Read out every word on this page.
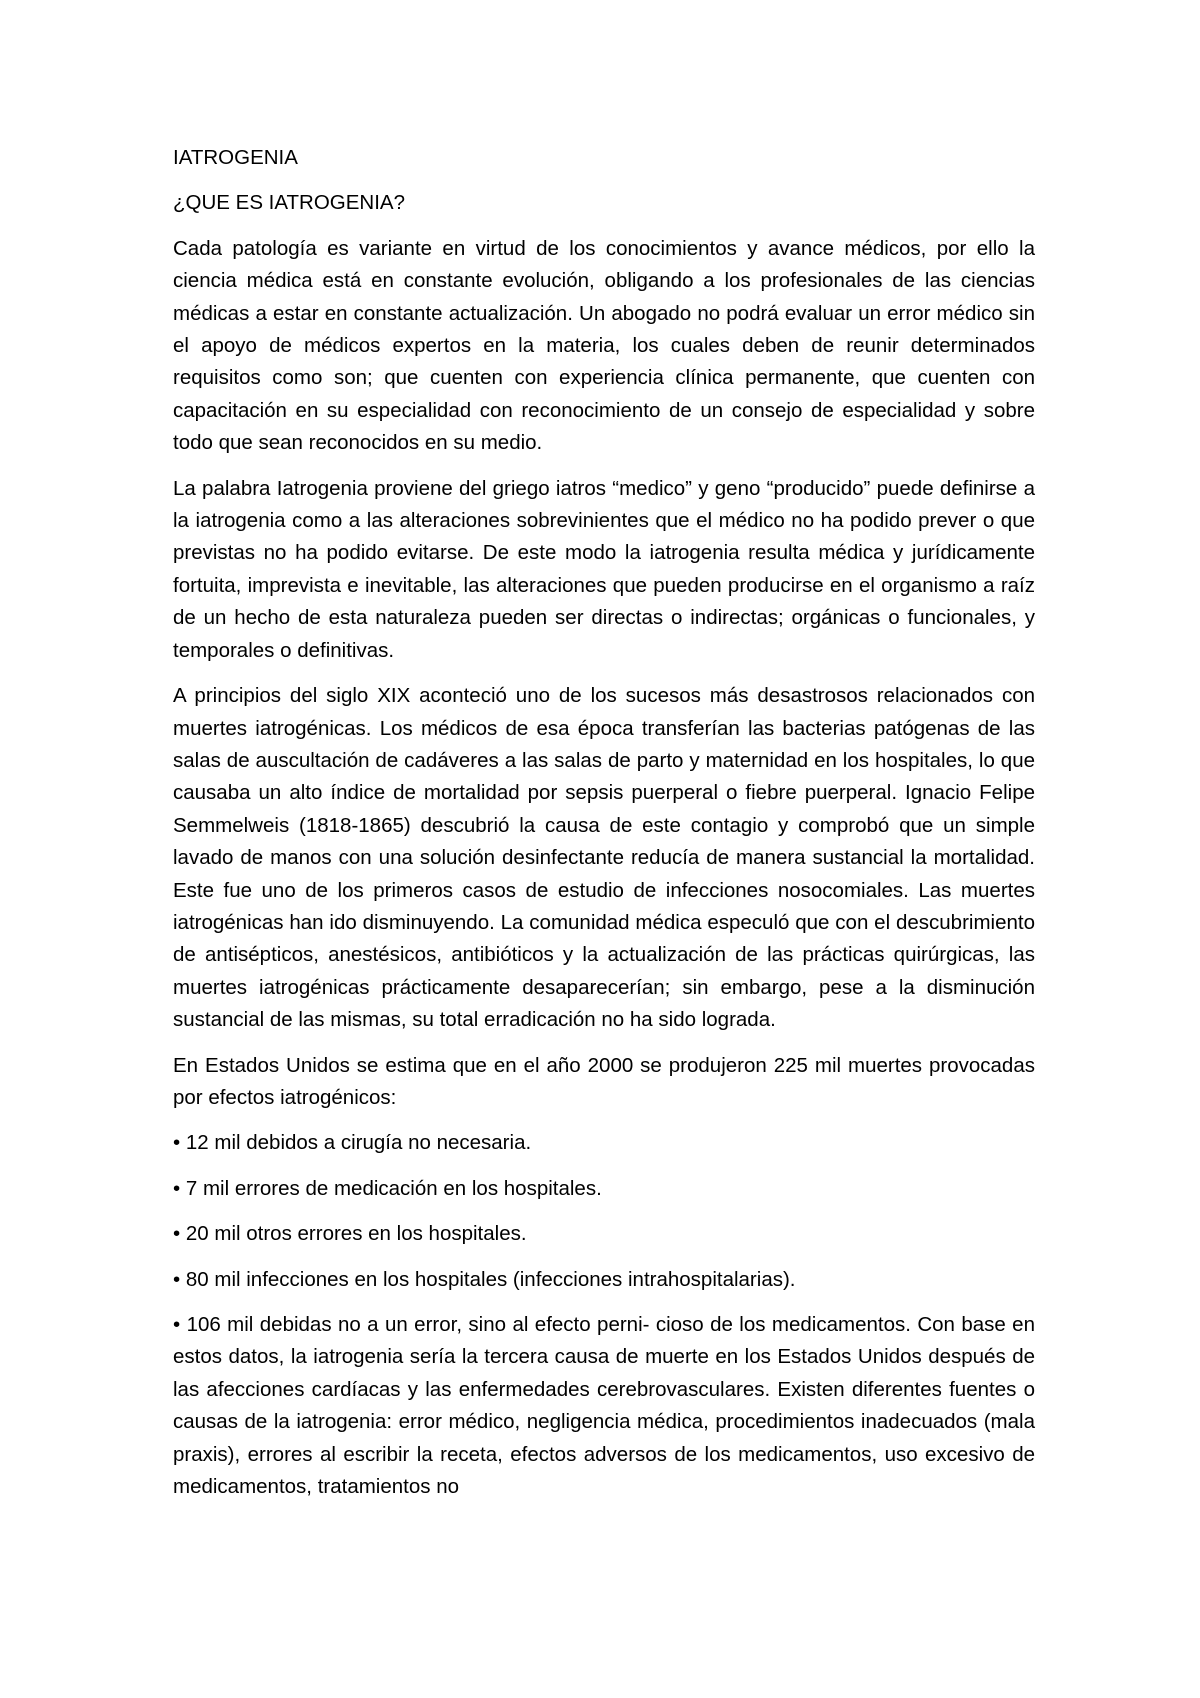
IATROGENIA

¿QUE ES IATROGENIA?

Cada patología es variante en virtud de los conocimientos y avance médicos, por ello la ciencia médica está en constante evolución, obligando a los profesionales de las ciencias médicas a estar en constante actualización. Un abogado no podrá evaluar un error médico sin el apoyo de médicos expertos en la materia, los cuales deben de reunir determinados requisitos como son; que cuenten con experiencia clínica permanente, que cuenten con capacitación en su especialidad con reconocimiento de un consejo de especialidad y sobre todo que sean reconocidos en su medio.

La palabra Iatrogenia proviene del griego iatros “medico” y geno “producido” puede definirse a la iatrogenia como a las alteraciones sobrevinientes que el médico no ha podido prever o que previstas no ha podido evitarse. De este modo la iatrogenia resulta médica y jurídicamente fortuita, imprevista e inevitable, las alteraciones que pueden producirse en el organismo a raíz de un hecho de esta naturaleza pueden ser directas o indirectas; orgánicas o funcionales, y temporales o definitivas.

A principios del siglo XIX aconteció uno de los sucesos más desastrosos relacionados con muertes iatrogénicas. Los médicos de esa época transferían las bacterias patógenas de las salas de auscultación de cadáveres a las salas de parto y maternidad en los hospitales, lo que causaba un alto índice de mortalidad por sepsis puerperal o fiebre puerperal. Ignacio Felipe Semmelweis (1818-1865) descubrió la causa de este contagio y comprobó que un simple lavado de manos con una solución desinfectante reducía de manera sustancial la mortalidad. Este fue uno de los primeros casos de estudio de infecciones nosocomiales. Las muertes iatrogénicas han ido disminuyendo. La comunidad médica especuló que con el descubrimiento de antisépticos, anestésicos, antibióticos y la actualización de las prácticas quirúrgicas, las muertes iatrogénicas prácticamente desaparecerían; sin embargo, pese a la disminución sustancial de las mismas, su total erradicación no ha sido lograda.

En Estados Unidos se estima que en el año 2000 se produjeron 225 mil muertes provocadas por efectos iatrogénicos:

• 12 mil debidos a cirugía no necesaria.

• 7 mil errores de medicación en los hospitales.

• 20 mil otros errores en los hospitales.

• 80 mil infecciones en los hospitales (infecciones intrahospitalarias).

• 106 mil debidas no a un error, sino al efecto perni- cioso de los medicamentos. Con base en estos datos, la iatrogenia sería la tercera causa de muerte en los Estados Unidos después de las afecciones cardíacas y las enfermedades cerebrovasculares. Existen diferentes fuentes o causas de la iatrogenia: error médico, negligencia médica, procedimientos inadecuados (mala praxis), errores al escribir la receta, efectos adversos de los medicamentos, uso excesivo de medicamentos, tratamientos no
